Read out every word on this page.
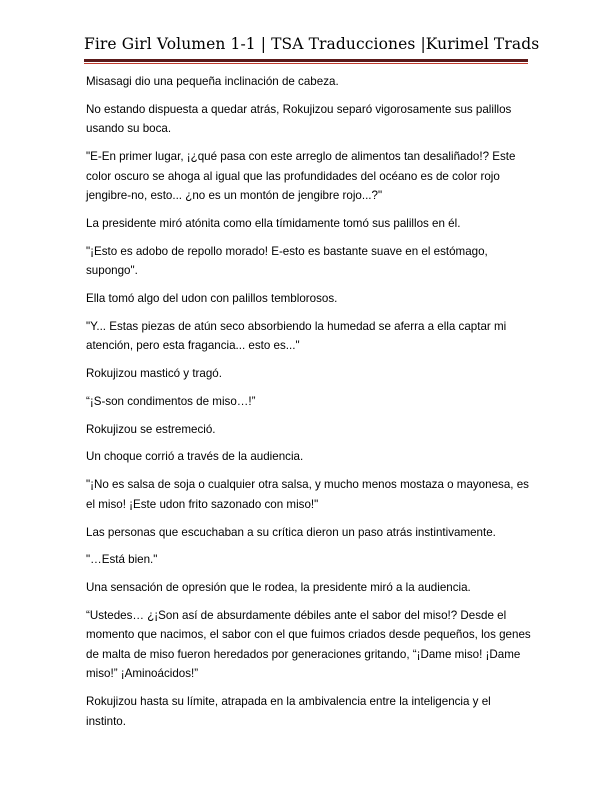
Fire Girl Volumen 1-1 | TSA Traducciones |Kurimel Trads

Misasagi dio una pequeña inclinación de cabeza.

No estando dispuesta a quedar atrás, Rokujizou separó vigorosamente sus palillos usando su boca.

"E-En primer lugar, ¡¿qué pasa con este arreglo de alimentos tan desaliñado!? Este color oscuro se ahoga al igual que las profundidades del océano es de color rojo jengibre-no, esto... ¿no es un montón de jengibre rojo...?"

La presidente miró atónita como ella tímidamente tomó sus palillos en él.

"¡Esto es adobo de repollo morado! E-esto es bastante suave en el estómago, supongo".

Ella tomó algo del udon con palillos temblorosos.

"Y... Estas piezas de atún seco absorbiendo la humedad se aferra a ella captar mi atención, pero esta fragancia... esto es..."

Rokujizou masticó y tragó.

“¡S-son condimentos de miso…!”

Rokujizou se estremeció.

Un choque corrió a través de la audiencia.

"¡No es salsa de soja o cualquier otra salsa, y mucho menos mostaza o mayonesa, es el miso! ¡Este udon frito sazonado con miso!"

Las personas que escuchaban a su crítica dieron un paso atrás instintivamente.

"…Está bien."

Una sensación de opresión que le rodea, la presidente miró a la audiencia.

“Ustedes… ¿¡Son así de absurdamente débiles ante el sabor del miso!? Desde el momento que nacimos, el sabor con el que fuimos criados desde pequeños, los genes de malta de miso fueron heredados por generaciones gritando, “¡Dame miso! ¡Dame miso!” ¡Aminoácidos!”

Rokujizou hasta su límite, atrapada en la ambivalencia entre la inteligencia y el instinto.
